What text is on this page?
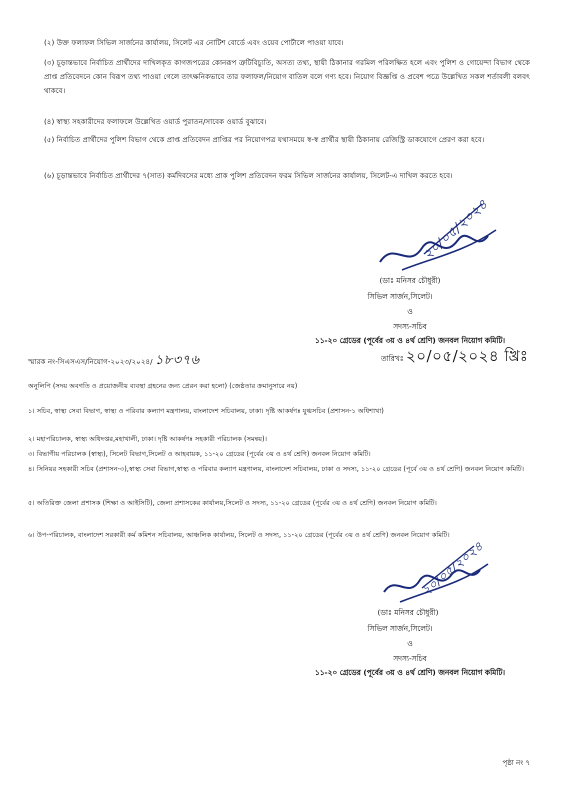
(২) উক্ত ফলাফল সিভিল সার্জনের কার্যালয়, সিলেট এর নোটিশ বোর্ডে এবং ওয়েব পোর্টালে পাওয়া যাবে।

(৩) চূড়ান্তভাবে নির্বাচিত প্রার্থীদের দাখিলকৃত কাগজপত্রের কোনরূপ ত্রুটিবিচ্যুতি, অসত্য তথ্য, স্থায়ী ঠিকানার গরমিল পরিলক্ষিত হলে এবং পুলিশ ও গোয়েন্দা বিভাগ থেকে প্রাপ্ত প্রতিবেদনে কোন বিরূপ তথ্য পাওয়া গেলে তাৎক্ষনিকভাবে তার ফলাফল/নিয়োগ বাতিল বলে গণ্য হবে। নিয়োগ বিজ্ঞপ্তি ও প্রবেশ পত্রে উল্লেখিত সকল শর্তাবলী বলবৎ থাকবে।

(৪) স্বাস্থ্য সহকারীদের ফলাফলে উল্লেখিত ওয়ার্ড পুরাতন/সাবেক ওয়ার্ড বুঝাবে।

(৫) নির্বাচিত প্রার্থীদের পুলিশ বিভাগ থেকে প্রাপ্ত প্রতিবেদন প্রাপ্তির পর নিয়োগপত্র যথাসময়ে স্ব-স্ব প্রার্থীর স্থায়ী ঠিকানায় রেজিস্ট্রি ডাকযোগে প্রেরণ করা হবে।

(৬) চূড়ান্তভাবে নির্বাচিত প্রার্থীদের ৭(সাত) কর্মদিবসের মধ্যে প্রাক পুলিশ প্রতিবেদন ফরম সিভিল সার্জনের কার্যালয়, সিলেট-এ দাখিল করতে হবে।

২০/০৫/২০২৪
(ডাঃ মনিসর চৌধুরী)
সিভিল সার্জন,সিলেট।
ও
সদস্য-সচিব
১১-২০ গ্রেডের (পূর্বের ৩য় ও ৪র্থ শ্রেণি) জনবল নিয়োগ কমিটি।
স্মারক নং-সিএসএস/নিয়োগ-২০২৩/২০২৪/ ১৮৩৭৬	তারিখঃ ২০/০৫/২০২৪ খ্রিঃ
অনুলিপি (সদয় অবগতি ও প্রয়োজনীয় ব্যবস্থা গ্রহনের জন্য প্রেরন করা হলো) (জেষ্ঠতার ক্রমানুসারে নয়)
১। সচিব, স্বাস্থ্য সেবা বিভাগ, স্বাস্থ্য ও পরিবার কল্যাণ মন্ত্রণালয়, বাংলাদেশ সচিবালয়, ঢাকা। দৃষ্টি আকর্ষণঃ যুগ্মসচিব (প্রশাসন-১ অধিশাখা)
২। মহাপরিচালক, স্বাস্থ্য অধিদপ্তর,মহাখালী, ঢাকা। দৃষ্টি আকর্ষণঃ সহকারী পরিচালক (সমন্বয়)।
৩। বিভাগীয় পরিচালক (স্বাস্থ্য), সিলেট বিভাগ,সিলেট ও আহবায়ক, ১১-২০ গ্রেডের (পূর্বের ৩য় ও ৪র্থ শ্রেণি) জনবল নিয়োগ কমিটি।
৪। সিনিয়র সহকারী সচিব (প্রশাসন-৩),স্বাস্থ্য সেবা বিভাগ,স্বাস্থ্য ও পরিবার কল্যাণ মন্ত্রণালয়, বাংলাদেশ সচিবালয়, ঢাকা ও সদস্য, ১১-২০ গ্রেডের (পূর্বে ৩য় ও ৪র্থ শ্রেণি) জনবল নিয়োগ কমিটি।
৫। অতিরিক্ত জেলা প্রশাসক (শিক্ষা ও আইসিটি), জেলা প্রশাসকের কার্যালয়,সিলেট ও সদস্য, ১১-২০ গ্রেডের (পূর্বের ৩য় ও ৪র্থ শ্রেণি) জনবল নিয়োগ কমিটি।
৬। উপ-পরিচালক, বাংলাদেশ সরকারী কর্ম কমিশন সচিবালয়, আঞ্চলিক কার্যালয়, সিলেট ও সদস্য, ১১-২০ গ্রেডের (পূর্বের ৩য় ও ৪র্থ শ্রেণি) জনবল নিয়োগ কমিটি।
২০/০৫/২০২৪
(ডাঃ মনিসর চৌধুরী)
সিভিল সার্জন,সিলেট।
ও
সদস্য-সচিব
১১-২০ গ্রেডের (পূর্বের ৩য় ও ৪র্থ শ্রেণি) জনবল নিয়োগ কমিটি।
পৃষ্ঠা নং ৭
